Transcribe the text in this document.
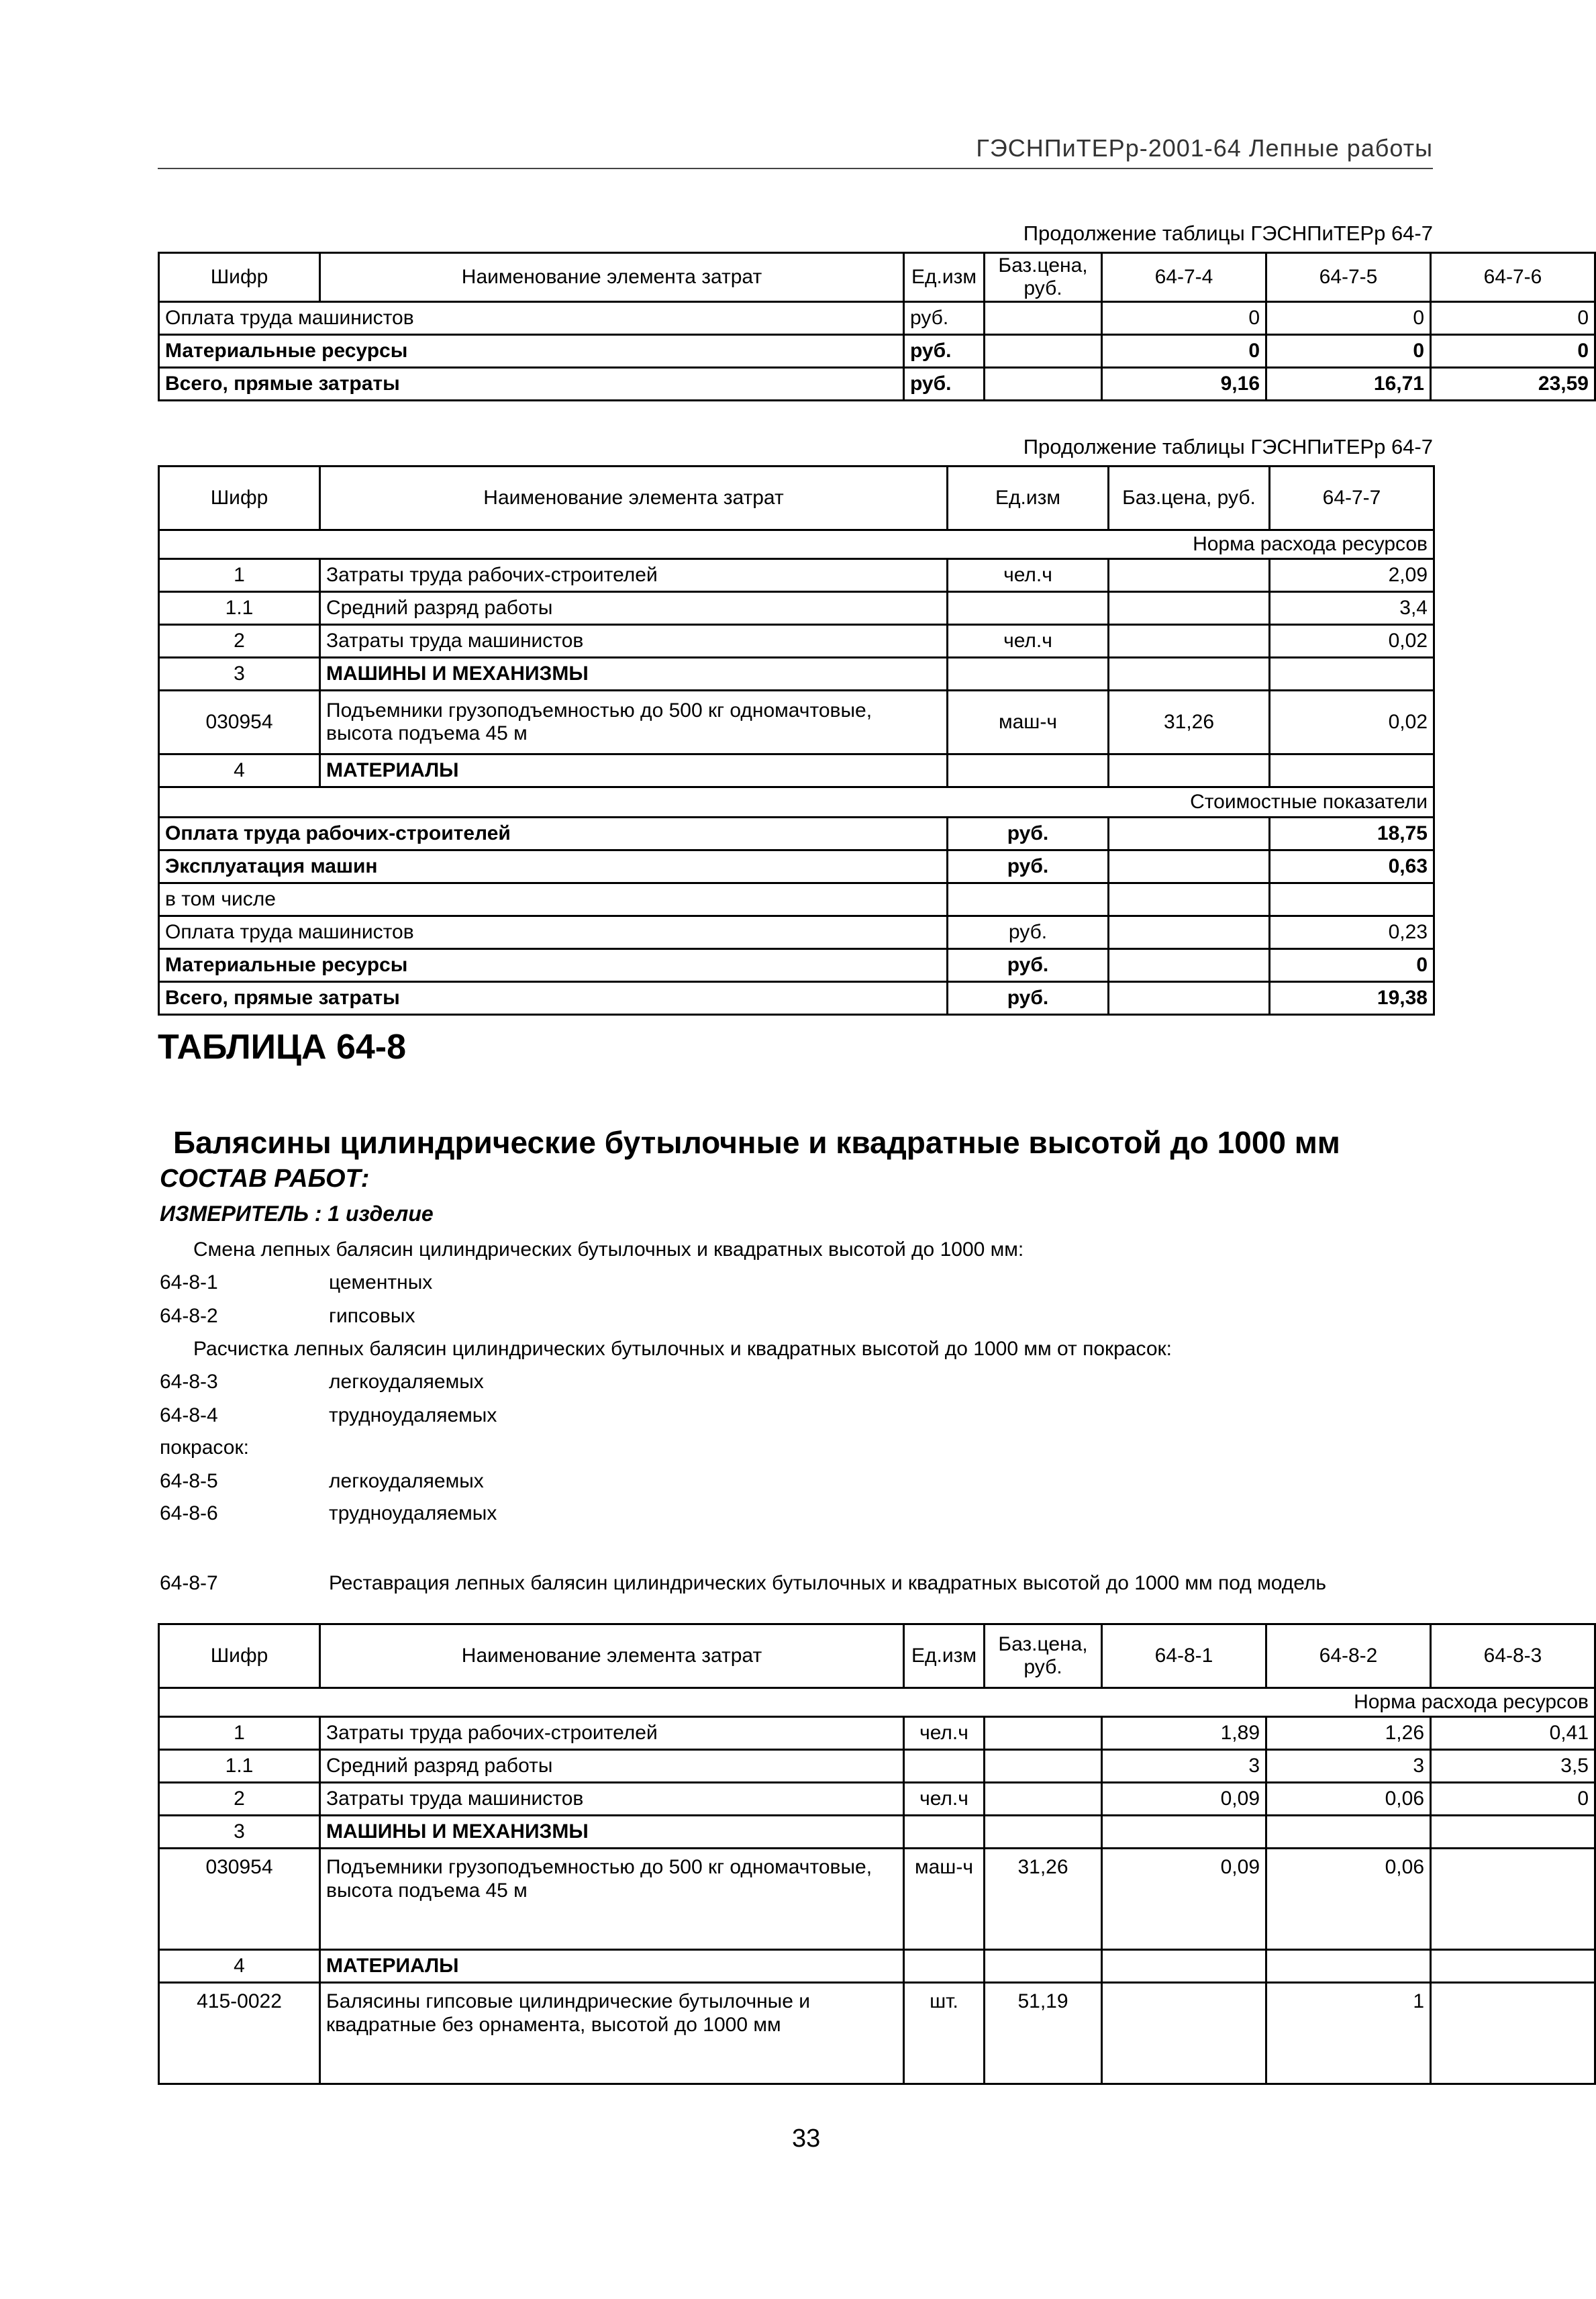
ГЭСНПиТЕРр-2001-64 Лепные работы
Продолжение таблицы ГЭСНПиТЕРр 64-7
Шифр	Наименование элемента затрат	Ед.изм	Баз.цена, руб.	64-7-4	64-7-5	64-7-6
Оплата труда машинистов		руб.		0	0	0
Материальные ресурсы		руб.		0	0	0
Всего, прямые затраты		руб.		9,16	16,71	23,59
Продолжение таблицы ГЭСНПиТЕРр 64-7
Шифр	Наименование элемента затрат	Ед.изм	Баз.цена, руб.	64-7-7
Норма расхода ресурсов				
1	Затраты труда рабочих-строителей	чел.ч		2,09
1.1	Средний разряд работы			3,4
2	Затраты труда машинистов	чел.ч		0,02
3	МАШИНЫ И МЕХАНИЗМЫ			
030954	Подъемники грузоподъемностью до 500 кг одномачтовые, высота подъема 45 м	маш-ч	31,26	0,02
4	МАТЕРИАЛЫ			
Стоимостные показатели				
Оплата труда рабочих-строителей		руб.		18,75
Эксплуатация машин		руб.		0,63
в том числе				
Оплата труда машинистов		руб.		0,23
Материальные ресурсы		руб.		0
Всего, прямые затраты		руб.		19,38
ТАБЛИЦА 64-8
Балясины цилиндрические бутылочные и квадратные высотой до 1000 мм
СОСТАВ РАБОТ:
ИЗМЕРИТЕЛЬ : 1 изделие
Смена лепных балясин цилиндрических бутылочных и квадратных высотой до 1000 мм:
64-8-1	цементных
64-8-2	гипсовых
Расчистка лепных балясин цилиндрических бутылочных и квадратных высотой до 1000 мм от покрасок:
64-8-3	легкоудаляемых
64-8-4	трудноудаляемых
покрасок:
64-8-5	легкоудаляемых
64-8-6	трудноудаляемых
64-8-7	Реставрация лепных балясин цилиндрических бутылочных и квадратных высотой до 1000 мм под модель
Шифр	Наименование элемента затрат	Ед.изм	Баз.цена, руб.	64-8-1	64-8-2	64-8-3
Норма расхода ресурсов						
1	Затраты труда рабочих-строителей	чел.ч		1,89	1,26	0,41
1.1	Средний разряд работы			3	3	3,5
2	Затраты труда машинистов	чел.ч		0,09	0,06	0
3	МАШИНЫ И МЕХАНИЗМЫ					
030954	Подъемники грузоподъемностью до 500 кг одномачтовые, высота подъема 45 м	маш-ч	31,26	0,09	0,06	
4	МАТЕРИАЛЫ					
415-0022	Балясины гипсовые цилиндрические бутылочные и квадратные без орнамента, высотой до 1000 мм	шт.	51,19		1	
33
